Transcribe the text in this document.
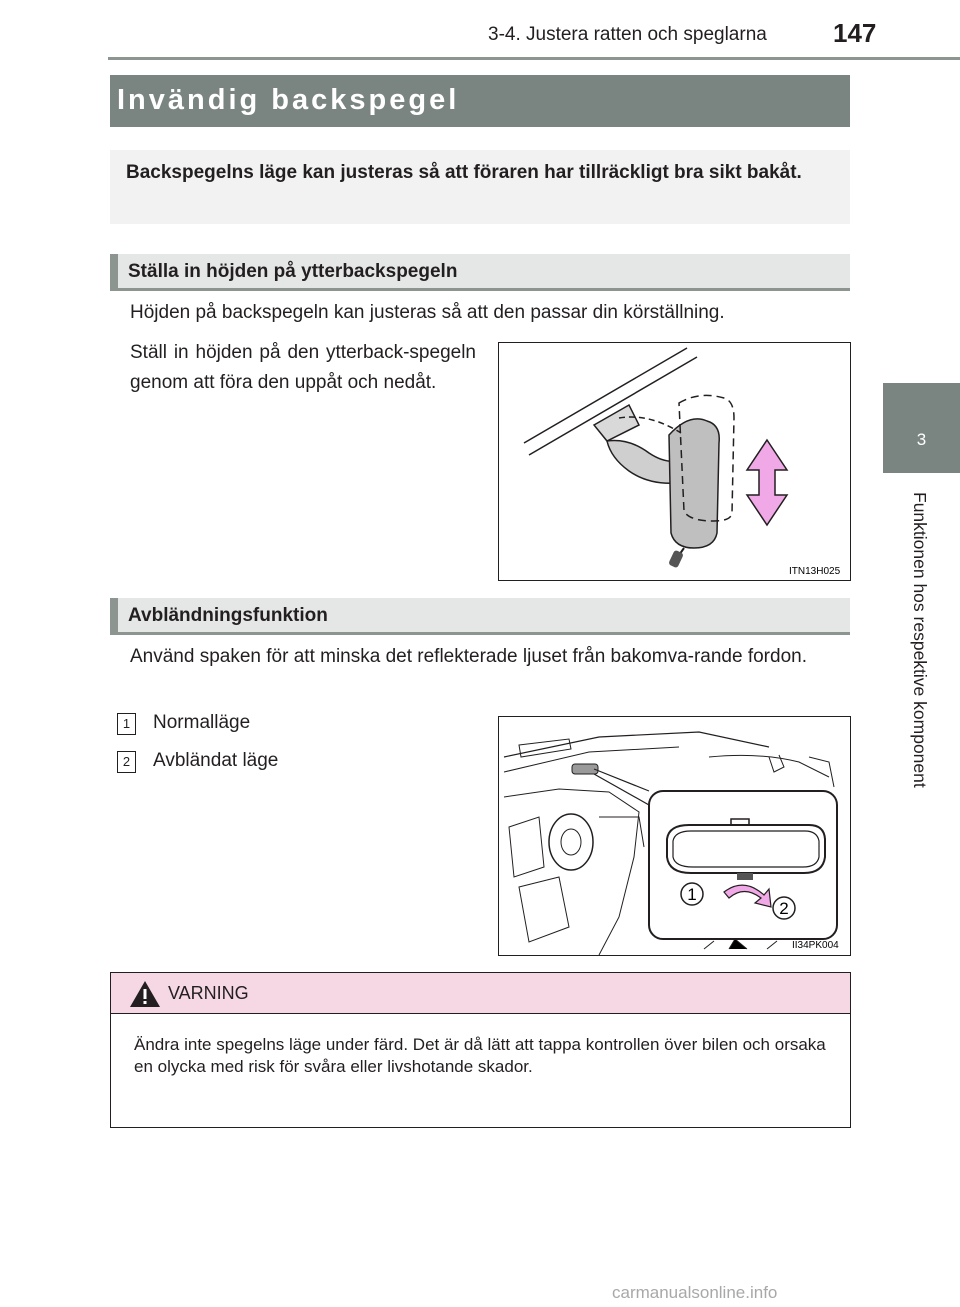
3-4. Justera ratten och speglarna	147
3
Funktionen hos respektive komponent
Invändig backspegel
Backspegelns läge kan justeras så att föraren har tillräckligt bra sikt bakåt.
Ställa in höjden på ytterbackspegeln
Höjden på backspegeln kan justeras så att den passar din körställning.
Ställ in höjden på den ytterback-spegeln genom att föra den uppåt och nedåt.
ITN13H025
Avbländningsfunktion
Använd spaken för att minska det reflekterade ljuset från bakomva-rande fordon.
1	Normalläge
2	Avbländat läge
1
2
II34PK004
VARNING
Ändra inte spegelns läge under färd. Det är då lätt att tappa kontrollen över bilen och orsaka en olycka med risk för svåra eller livshotande skador.
carmanualsonline.info
